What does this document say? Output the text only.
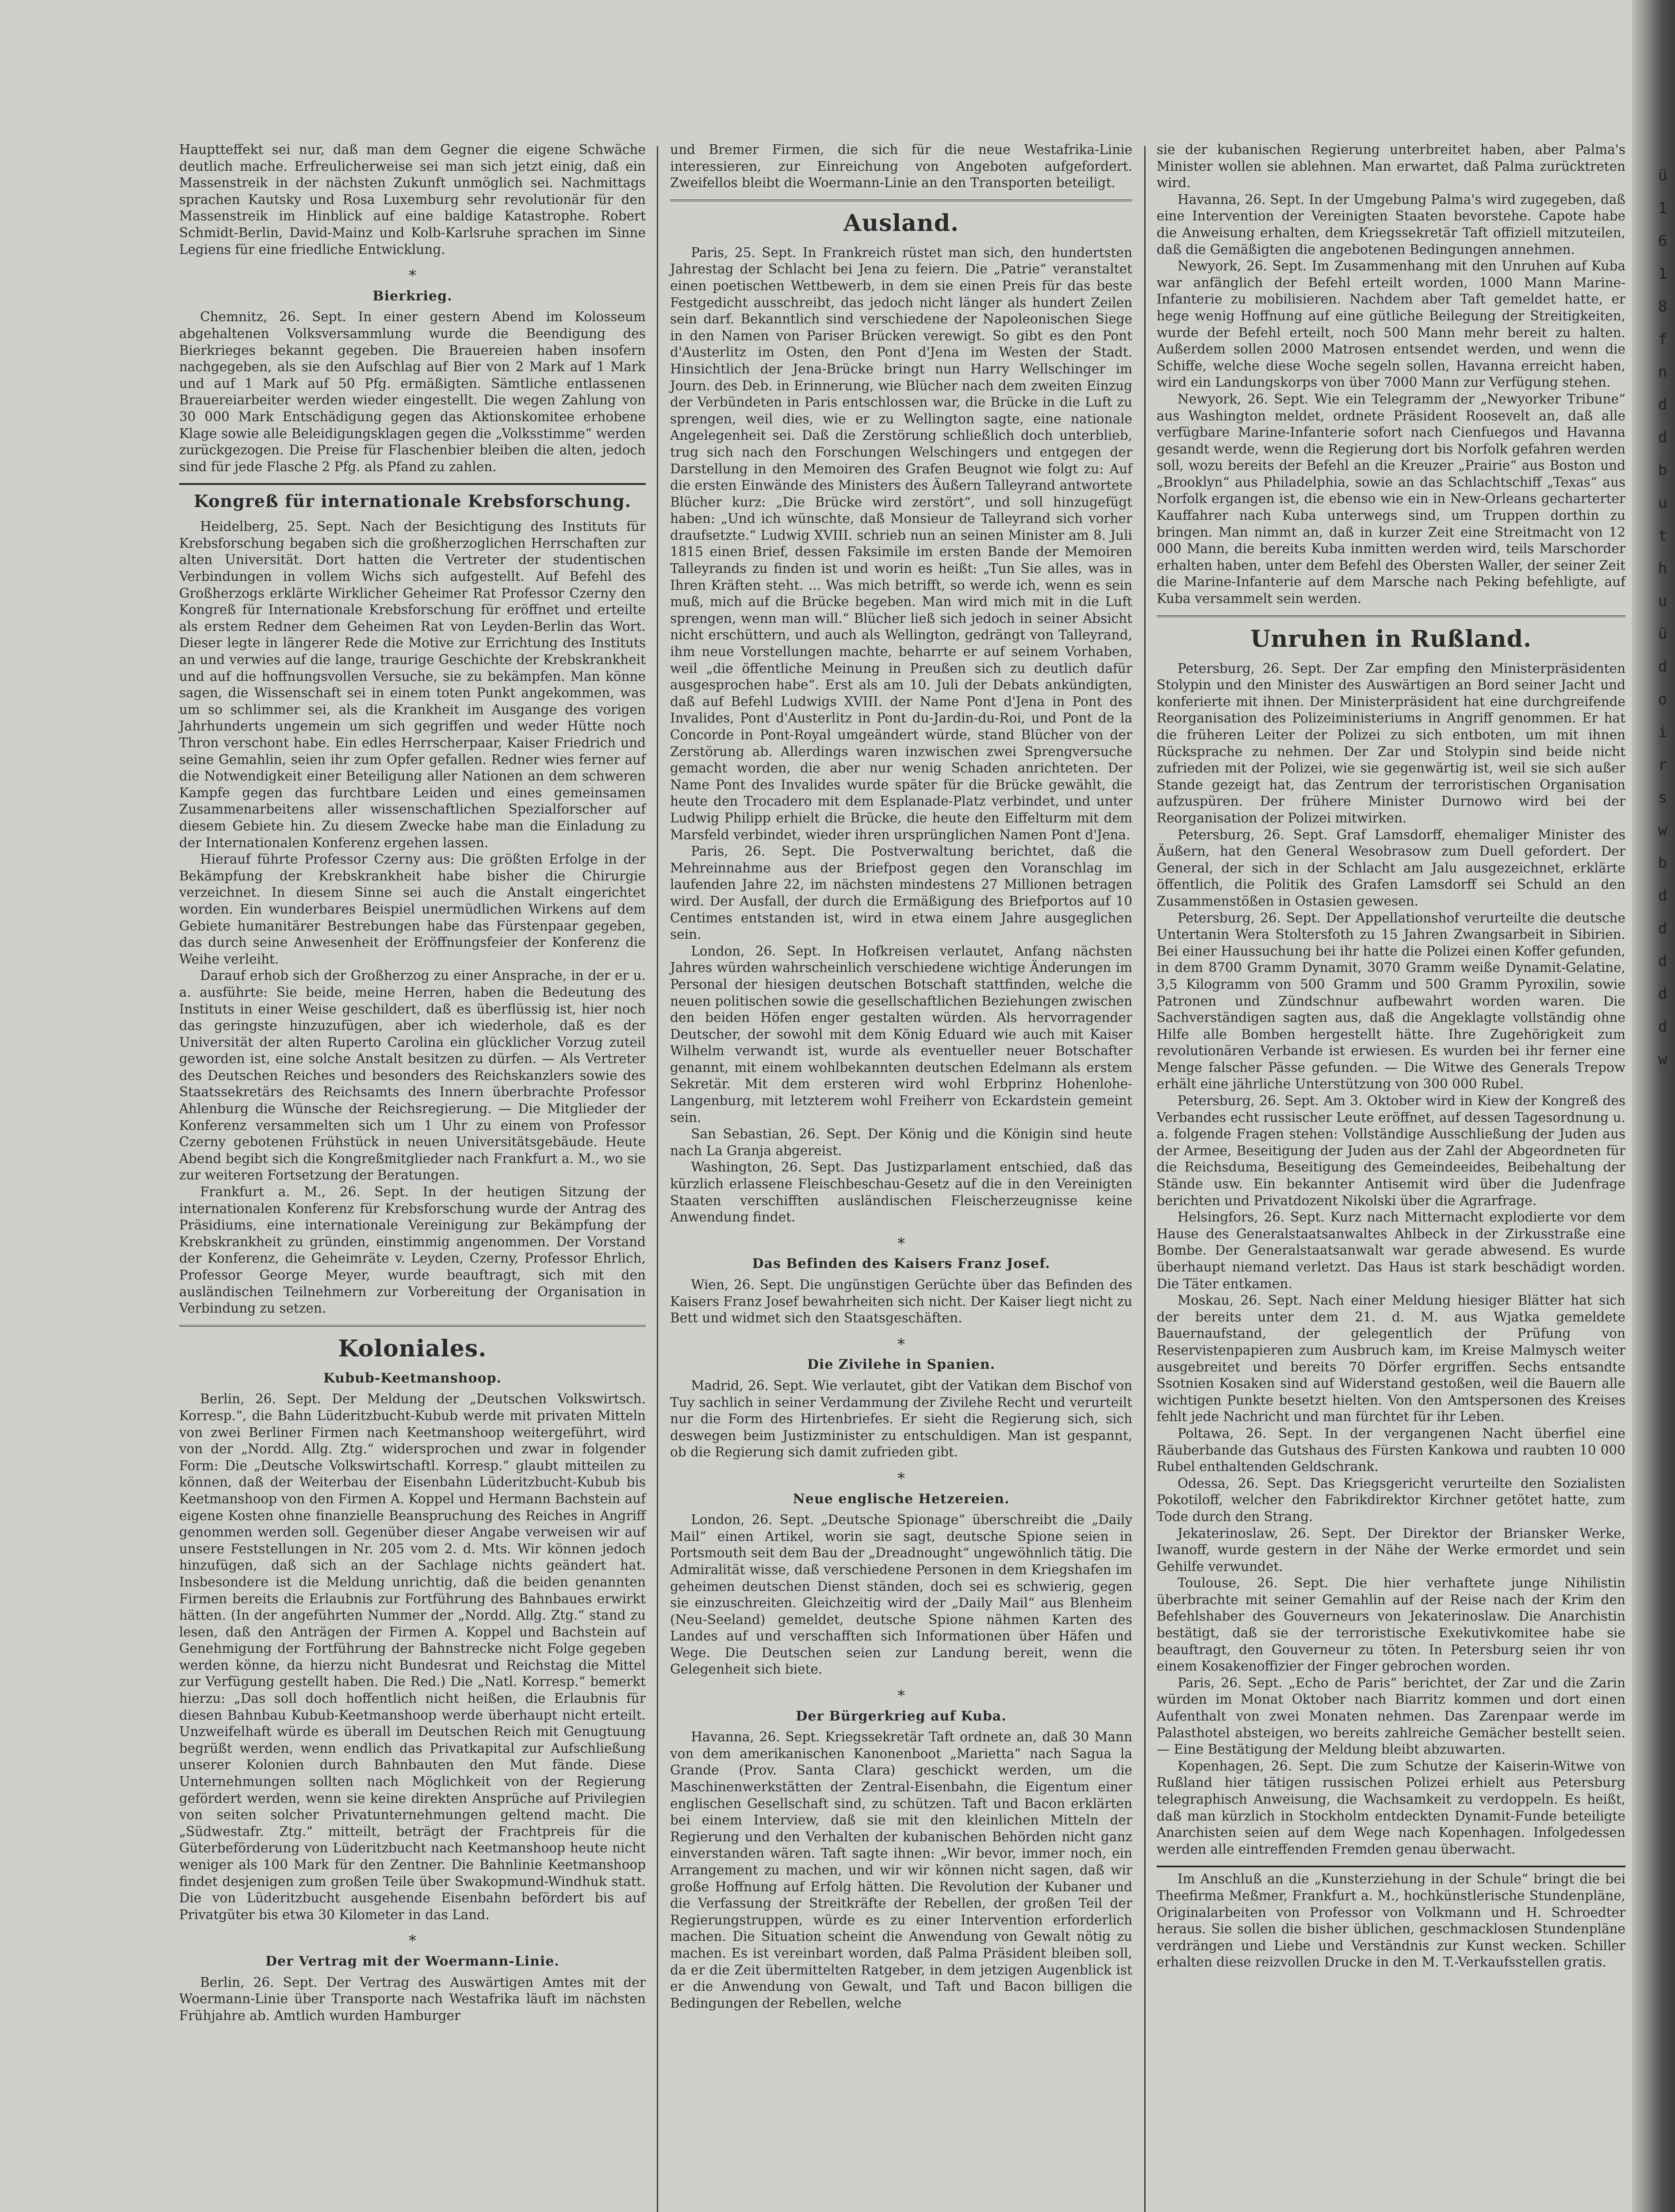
ü 1 6 1 8 f n d d b u t h u ü d o i r s w b d d d d d w

Hauptteffekt sei nur, daß man dem Gegner die eigene Schwäche deutlich mache. Erfreulicherweise sei man sich jetzt einig, daß ein Massenstreik in der nächsten Zukunft unmöglich sei. Nachmittags sprachen Kautsky und Rosa Luxemburg sehr revolutionär für den Massenstreik im Hinblick auf eine baldige Katastrophe. Robert Schmidt-Berlin, David-Mainz und Kolb-Karlsruhe sprachen im Sinne Legiens für eine friedliche Entwicklung.

*
Bierkrieg.

Chemnitz, 26. Sept. In einer gestern Abend im Kolosseum abgehaltenen Volksversammlung wurde die Beendigung des Bierkrieges bekannt gegeben. Die Brauereien haben insofern nachgegeben, als sie den Aufschlag auf Bier von 2 Mark auf 1 Mark und auf 1 Mark auf 50 Pfg. ermäßigten. Sämtliche entlassenen Brauereiarbeiter werden wieder eingestellt. Die wegen Zahlung von 30 000 Mark Entschädigung gegen das Aktionskomitee erhobene Klage sowie alle Beleidigungsklagen gegen die „Volksstimme“ werden zurückgezogen. Die Preise für Flaschenbier bleiben die alten, jedoch sind für jede Flasche 2 Pfg. als Pfand zu zahlen.

Kongreß für internationale Krebsforschung.

Heidelberg, 25. Sept. Nach der Besichtigung des Instituts für Krebsforschung begaben sich die großherzoglichen Herrschaften zur alten Universität. Dort hatten die Vertreter der studentischen Verbindungen in vollem Wichs sich aufgestellt. Auf Befehl des Großherzogs erklärte Wirklicher Geheimer Rat Professor Czerny den Kongreß für Internationale Krebsforschung für eröffnet und erteilte als erstem Redner dem Geheimen Rat von Leyden-Berlin das Wort. Dieser legte in längerer Rede die Motive zur Errichtung des Instituts an und verwies auf die lange, traurige Geschichte der Krebskrankheit und auf die hoffnungsvollen Versuche, sie zu bekämpfen. Man könne sagen, die Wissenschaft sei in einem toten Punkt angekommen, was um so schlimmer sei, als die Krankheit im Ausgange des vorigen Jahrhunderts ungemein um sich gegriffen und weder Hütte noch Thron verschont habe. Ein edles Herrscherpaar, Kaiser Friedrich und seine Gemahlin, seien ihr zum Opfer gefallen. Redner wies ferner auf die Notwendigkeit einer Beteiligung aller Nationen an dem schweren Kampfe gegen das furchtbare Leiden und eines gemeinsamen Zusammenarbeitens aller wissenschaftlichen Spezialforscher auf diesem Gebiete hin. Zu diesem Zwecke habe man die Einladung zu der Internationalen Konferenz ergehen lassen.

Hierauf führte Professor Czerny aus: Die größten Erfolge in der Bekämpfung der Krebskrankheit habe bisher die Chirurgie verzeichnet. In diesem Sinne sei auch die Anstalt eingerichtet worden. Ein wunderbares Beispiel unermüdlichen Wirkens auf dem Gebiete humanitärer Bestrebungen habe das Fürstenpaar gegeben, das durch seine Anwesenheit der Eröffnungsfeier der Konferenz die Weihe verleiht.

Darauf erhob sich der Großherzog zu einer Ansprache, in der er u. a. ausführte: Sie beide, meine Herren, haben die Bedeutung des Instituts in einer Weise geschildert, daß es überflüssig ist, hier noch das geringste hinzuzufügen, aber ich wiederhole, daß es der Universität der alten Ruperto Carolina ein glücklicher Vorzug zuteil geworden ist, eine solche Anstalt besitzen zu dürfen. — Als Vertreter des Deutschen Reiches und besonders des Reichskanzlers sowie des Staatssekretärs des Reichsamts des Innern überbrachte Professor Ahlenburg die Wünsche der Reichsregierung. — Die Mitglieder der Konferenz versammelten sich um 1 Uhr zu einem von Professor Czerny gebotenen Frühstück in neuen Universitätsgebäude. Heute Abend begibt sich die Kongreßmitglieder nach Frankfurt a. M., wo sie zur weiteren Fortsetzung der Beratungen.

Frankfurt a. M., 26. Sept. In der heutigen Sitzung der internationalen Konferenz für Krebsforschung wurde der Antrag des Präsidiums, eine internationale Vereinigung zur Bekämpfung der Krebskrankheit zu gründen, einstimmig angenommen. Der Vorstand der Konferenz, die Geheimräte v. Leyden, Czerny, Professor Ehrlich, Professor George Meyer, wurde beauftragt, sich mit den ausländischen Teilnehmern zur Vorbereitung der Organisation in Verbindung zu setzen.

Koloniales.
Kubub-Keetmanshoop.

Berlin, 26. Sept. Der Meldung der „Deutschen Volkswirtsch. Korresp.“, die Bahn Lüderitzbucht-Kubub werde mit privaten Mitteln von zwei Berliner Firmen nach Keetmanshoop weitergeführt, wird von der „Nordd. Allg. Ztg.“ widersprochen und zwar in folgender Form: Die „Deutsche Volkswirtschaftl. Korresp.“ glaubt mitteilen zu können, daß der Weiterbau der Eisenbahn Lüderitzbucht-Kubub bis Keetmanshoop von den Firmen A. Koppel und Hermann Bachstein auf eigene Kosten ohne finanzielle Beanspruchung des Reiches in Angriff genommen werden soll. Gegenüber dieser Angabe verweisen wir auf unsere Feststellungen in Nr. 205 vom 2. d. Mts. Wir können jedoch hinzufügen, daß sich an der Sachlage nichts geändert hat. Insbesondere ist die Meldung unrichtig, daß die beiden genannten Firmen bereits die Erlaubnis zur Fortführung des Bahnbaues erwirkt hätten. (In der angeführten Nummer der „Nordd. Allg. Ztg.“ stand zu lesen, daß den Anträgen der Firmen A. Koppel und Bachstein auf Genehmigung der Fortführung der Bahnstrecke nicht Folge gegeben werden könne, da hierzu nicht Bundesrat und Reichstag die Mittel zur Verfügung gestellt haben. Die Red.) Die „Natl. Korresp.“ bemerkt hierzu: „Das soll doch hoffentlich nicht heißen, die Erlaubnis für diesen Bahnbau Kubub-Keetmanshoop werde überhaupt nicht erteilt. Unzweifelhaft würde es überall im Deutschen Reich mit Genugtuung begrüßt werden, wenn endlich das Privatkapital zur Aufschließung unserer Kolonien durch Bahnbauten den Mut fände. Diese Unternehmungen sollten nach Möglichkeit von der Regierung gefördert werden, wenn sie keine direkten Ansprüche auf Privilegien von seiten solcher Privatunternehmungen geltend macht. Die „Südwestafr. Ztg.“ mitteilt, beträgt der Frachtpreis für die Güterbeförderung von Lüderitzbucht nach Keetmanshoop heute nicht weniger als 100 Mark für den Zentner. Die Bahnlinie Keetmanshoop findet desjenigen zum großen Teile über Swakopmund-Windhuk statt. Die von Lüderitzbucht ausgehende Eisenbahn befördert bis auf Privatgüter bis etwa 30 Kilometer in das Land.

*
Der Vertrag mit der Woermann-Linie.

Berlin, 26. Sept. Der Vertrag des Auswärtigen Amtes mit der Woermann-Linie über Transporte nach Westafrika läuft im nächsten Frühjahre ab. Amtlich wurden Hamburger

und Bremer Firmen, die sich für die neue Westafrika-Linie interessieren, zur Einreichung von Angeboten aufgefordert. Zweifellos bleibt die Woermann-Linie an den Transporten beteiligt.

Ausland.

Paris, 25. Sept. In Frankreich rüstet man sich, den hundertsten Jahrestag der Schlacht bei Jena zu feiern. Die „Patrie“ veranstaltet einen poetischen Wettbewerb, in dem sie einen Preis für das beste Festgedicht ausschreibt, das jedoch nicht länger als hundert Zeilen sein darf. Bekanntlich sind verschiedene der Napoleonischen Siege in den Namen von Pariser Brücken verewigt. So gibt es den Pont d'Austerlitz im Osten, den Pont d'Jena im Westen der Stadt. Hinsichtlich der Jena-Brücke bringt nun Harry Wellschinger im Journ. des Deb. in Erinnerung, wie Blücher nach dem zweiten Einzug der Verbündeten in Paris entschlossen war, die Brücke in die Luft zu sprengen, weil dies, wie er zu Wellington sagte, eine nationale Angelegenheit sei. Daß die Zerstörung schließlich doch unterblieb, trug sich nach den Forschungen Welschingers und entgegen der Darstellung in den Memoiren des Grafen Beugnot wie folgt zu: Auf die ersten Einwände des Ministers des Äußern Talleyrand antwortete Blücher kurz: „Die Brücke wird zerstört“, und soll hinzugefügt haben: „Und ich wünschte, daß Monsieur de Talleyrand sich vorher draufsetzte.“ Ludwig XVIII. schrieb nun an seinen Minister am 8. Juli 1815 einen Brief, dessen Faksimile im ersten Bande der Memoiren Talleyrands zu finden ist und worin es heißt: „Tun Sie alles, was in Ihren Kräften steht. ... Was mich betrifft, so werde ich, wenn es sein muß, mich auf die Brücke begeben. Man wird mich mit in die Luft sprengen, wenn man will.“ Blücher ließ sich jedoch in seiner Absicht nicht erschüttern, und auch als Wellington, gedrängt von Talleyrand, ihm neue Vorstellungen machte, beharrte er auf seinem Vorhaben, weil „die öffentliche Meinung in Preußen sich zu deutlich dafür ausgesprochen habe“. Erst als am 10. Juli der Debats ankündigten, daß auf Befehl Ludwigs XVIII. der Name Pont d'Jena in Pont des Invalides, Pont d'Austerlitz in Pont du-Jardin-du-Roi, und Pont de la Concorde in Pont-Royal umgeändert würde, stand Blücher von der Zerstörung ab. Allerdings waren inzwischen zwei Sprengversuche gemacht worden, die aber nur wenig Schaden anrichteten. Der Name Pont des Invalides wurde später für die Brücke gewählt, die heute den Trocadero mit dem Esplanade-Platz verbindet, und unter Ludwig Philipp erhielt die Brücke, die heute den Eiffelturm mit dem Marsfeld verbindet, wieder ihren ursprünglichen Namen Pont d'Jena.

Paris, 26. Sept. Die Postverwaltung berichtet, daß die Mehreinnahme aus der Briefpost gegen den Voranschlag im laufenden Jahre 22, im nächsten mindestens 27 Millionen betragen wird. Der Ausfall, der durch die Ermäßigung des Briefportos auf 10 Centimes entstanden ist, wird in etwa einem Jahre ausgeglichen sein.

London, 26. Sept. In Hofkreisen verlautet, Anfang nächsten Jahres würden wahrscheinlich verschiedene wichtige Änderungen im Personal der hiesigen deutschen Botschaft stattfinden, welche die neuen politischen sowie die gesellschaftlichen Beziehungen zwischen den beiden Höfen enger gestalten würden. Als hervorragender Deutscher, der sowohl mit dem König Eduard wie auch mit Kaiser Wilhelm verwandt ist, wurde als eventueller neuer Botschafter genannt, mit einem wohlbekannten deutschen Edelmann als erstem Sekretär. Mit dem ersteren wird wohl Erbprinz Hohenlohe-Langenburg, mit letzterem wohl Freiherr von Eckardstein gemeint sein.

San Sebastian, 26. Sept. Der König und die Königin sind heute nach La Granja abgereist.

Washington, 26. Sept. Das Justizparlament entschied, daß das kürzlich erlassene Fleischbeschau-Gesetz auf die in den Vereinigten Staaten verschifften ausländischen Fleischerzeugnisse keine Anwendung findet.

*
Das Befinden des Kaisers Franz Josef.

Wien, 26. Sept. Die ungünstigen Gerüchte über das Befinden des Kaisers Franz Josef bewahrheiten sich nicht. Der Kaiser liegt nicht zu Bett und widmet sich den Staatsgeschäften.

*
Die Zivilehe in Spanien.

Madrid, 26. Sept. Wie verlautet, gibt der Vatikan dem Bischof von Tuy sachlich in seiner Verdammung der Zivilehe Recht und verurteilt nur die Form des Hirtenbriefes. Er sieht die Regierung sich, sich deswegen beim Justizminister zu entschuldigen. Man ist gespannt, ob die Regierung sich damit zufrieden gibt.

*
Neue englische Hetzereien.

London, 26. Sept. „Deutsche Spionage“ überschreibt die „Daily Mail“ einen Artikel, worin sie sagt, deutsche Spione seien in Portsmouth seit dem Bau der „Dreadnought“ ungewöhnlich tätig. Die Admiralität wisse, daß verschiedene Personen in dem Kriegshafen im geheimen deutschen Dienst ständen, doch sei es schwierig, gegen sie einzuschreiten. Gleichzeitig wird der „Daily Mail“ aus Blenheim (Neu-Seeland) gemeldet, deutsche Spione nähmen Karten des Landes auf und verschafften sich Informationen über Häfen und Wege. Die Deutschen seien zur Landung bereit, wenn die Gelegenheit sich biete.

*
Der Bürgerkrieg auf Kuba.

Havanna, 26. Sept. Kriegssekretär Taft ordnete an, daß 30 Mann von dem amerikanischen Kanonenboot „Marietta“ nach Sagua la Grande (Prov. Santa Clara) geschickt werden, um die Maschinenwerkstätten der Zentral-Eisenbahn, die Eigentum einer englischen Gesellschaft sind, zu schützen. Taft und Bacon erklärten bei einem Interview, daß sie mit den kleinlichen Mitteln der Regierung und den Verhalten der kubanischen Behörden nicht ganz einverstanden wären. Taft sagte ihnen: „Wir bevor, immer noch, ein Arrangement zu machen, und wir wir können nicht sagen, daß wir große Hoffnung auf Erfolg hätten. Die Revolution der Kubaner und die Verfassung der Streitkräfte der Rebellen, der großen Teil der Regierungstruppen, würde es zu einer Intervention erforderlich machen. Die Situation scheint die Anwendung von Gewalt nötig zu machen. Es ist vereinbart worden, daß Palma Präsident bleiben soll, da er die Zeit übermittelten Ratgeber, in dem jetzigen Augenblick ist er die Anwendung von Gewalt, und Taft und Bacon billigen die Bedingungen der Rebellen, welche

sie der kubanischen Regierung unterbreitet haben, aber Palma's Minister wollen sie ablehnen. Man erwartet, daß Palma zurücktreten wird.

Havanna, 26. Sept. In der Umgebung Palma's wird zugegeben, daß eine Intervention der Vereinigten Staaten bevorstehe. Capote habe die Anweisung erhalten, dem Kriegssekretär Taft offiziell mitzuteilen, daß die Gemäßigten die angebotenen Bedingungen annehmen.

Newyork, 26. Sept. Im Zusammenhang mit den Unruhen auf Kuba war anfänglich der Befehl erteilt worden, 1000 Mann Marine-Infanterie zu mobilisieren. Nachdem aber Taft gemeldet hatte, er hege wenig Hoffnung auf eine gütliche Beilegung der Streitigkeiten, wurde der Befehl erteilt, noch 500 Mann mehr bereit zu halten. Außerdem sollen 2000 Matrosen entsendet werden, und wenn die Schiffe, welche diese Woche segeln sollen, Havanna erreicht haben, wird ein Landungskorps von über 7000 Mann zur Verfügung stehen.

Newyork, 26. Sept. Wie ein Telegramm der „Newyorker Tribune“ aus Washington meldet, ordnete Präsident Roosevelt an, daß alle verfügbare Marine-Infanterie sofort nach Cienfuegos und Havanna gesandt werde, wenn die Regierung dort bis Norfolk gefahren werden soll, wozu bereits der Befehl an die Kreuzer „Prairie“ aus Boston und „Brooklyn“ aus Philadelphia, sowie an das Schlachtschiff „Texas“ aus Norfolk ergangen ist, die ebenso wie ein in New-Orleans gecharterter Kauffahrer nach Kuba unterwegs sind, um Truppen dorthin zu bringen. Man nimmt an, daß in kurzer Zeit eine Streitmacht von 12 000 Mann, die bereits Kuba inmitten werden wird, teils Marschorder erhalten haben, unter dem Befehl des Obersten Waller, der seiner Zeit die Marine-Infanterie auf dem Marsche nach Peking befehligte, auf Kuba versammelt sein werden.

Unruhen in Rußland.

Petersburg, 26. Sept. Der Zar empfing den Ministerpräsidenten Stolypin und den Minister des Auswärtigen an Bord seiner Jacht und konferierte mit ihnen. Der Ministerpräsident hat eine durchgreifende Reorganisation des Polizeiministeriums in Angriff genommen. Er hat die früheren Leiter der Polizei zu sich entboten, um mit ihnen Rücksprache zu nehmen. Der Zar und Stolypin sind beide nicht zufrieden mit der Polizei, wie sie gegenwärtig ist, weil sie sich außer Stande gezeigt hat, das Zentrum der terroristischen Organisation aufzuspüren. Der frühere Minister Durnowo wird bei der Reorganisation der Polizei mitwirken.

Petersburg, 26. Sept. Graf Lamsdorff, ehemaliger Minister des Äußern, hat den General Wesobrasow zum Duell gefordert. Der General, der sich in der Schlacht am Jalu ausgezeichnet, erklärte öffentlich, die Politik des Grafen Lamsdorff sei Schuld an den Zusammenstößen in Ostasien gewesen.

Petersburg, 26. Sept. Der Appellationshof verurteilte die deutsche Untertanin Wera Stoltersfoth zu 15 Jahren Zwangsarbeit in Sibirien. Bei einer Haussuchung bei ihr hatte die Polizei einen Koffer gefunden, in dem 8700 Gramm Dynamit, 3070 Gramm weiße Dynamit-Gelatine, 3,5 Kilogramm von 500 Gramm und 500 Gramm Pyroxilin, sowie Patronen und Zündschnur aufbewahrt worden waren. Die Sachverständigen sagten aus, daß die Angeklagte vollständig ohne Hilfe alle Bomben hergestellt hätte. Ihre Zugehörigkeit zum revolutionären Verbande ist erwiesen. Es wurden bei ihr ferner eine Menge falscher Pässe gefunden. — Die Witwe des Generals Trepow erhält eine jährliche Unterstützung von 300 000 Rubel.

Petersburg, 26. Sept. Am 3. Oktober wird in Kiew der Kongreß des Verbandes echt russischer Leute eröffnet, auf dessen Tagesordnung u. a. folgende Fragen stehen: Vollständige Ausschließung der Juden aus der Armee, Beseitigung der Juden aus der Zahl der Abgeordneten für die Reichsduma, Beseitigung des Gemeindeeides, Beibehaltung der Stände usw. Ein bekannter Antisemit wird über die Judenfrage berichten und Privatdozent Nikolski über die Agrarfrage.

Helsingfors, 26. Sept. Kurz nach Mitternacht explodierte vor dem Hause des Generalstaatsanwaltes Ahlbeck in der Zirkusstraße eine Bombe. Der Generalstaatsanwalt war gerade abwesend. Es wurde überhaupt niemand verletzt. Das Haus ist stark beschädigt worden. Die Täter entkamen.

Moskau, 26. Sept. Nach einer Meldung hiesiger Blätter hat sich der bereits unter dem 21. d. M. aus Wjatka gemeldete Bauernaufstand, der gelegentlich der Prüfung von Reservistenpapieren zum Ausbruch kam, im Kreise Malmysch weiter ausgebreitet und bereits 70 Dörfer ergriffen. Sechs entsandte Ssotnien Kosaken sind auf Widerstand gestoßen, weil die Bauern alle wichtigen Punkte besetzt hielten. Von den Amtspersonen des Kreises fehlt jede Nachricht und man fürchtet für ihr Leben.

Poltawa, 26. Sept. In der vergangenen Nacht überfiel eine Räuberbande das Gutshaus des Fürsten Kankowa und raubten 10 000 Rubel enthaltenden Geldschrank.

Odessa, 26. Sept. Das Kriegsgericht verurteilte den Sozialisten Pokotiloff, welcher den Fabrikdirektor Kirchner getötet hatte, zum Tode durch den Strang.

Jekaterinoslaw, 26. Sept. Der Direktor der Briansker Werke, Iwanoff, wurde gestern in der Nähe der Werke ermordet und sein Gehilfe verwundet.

Toulouse, 26. Sept. Die hier verhaftete junge Nihilistin überbrachte mit seiner Gemahlin auf der Reise nach der Krim den Befehlshaber des Gouverneurs von Jekaterinoslaw. Die Anarchistin bestätigt, daß sie der terroristische Exekutivkomitee habe sie beauftragt, den Gouverneur zu töten. In Petersburg seien ihr von einem Kosakenoffizier der Finger gebrochen worden.

Paris, 26. Sept. „Echo de Paris“ berichtet, der Zar und die Zarin würden im Monat Oktober nach Biarritz kommen und dort einen Aufenthalt von zwei Monaten nehmen. Das Zarenpaar werde im Palasthotel absteigen, wo bereits zahlreiche Gemächer bestellt seien. — Eine Bestätigung der Meldung bleibt abzuwarten.

Kopenhagen, 26. Sept. Die zum Schutze der Kaiserin-Witwe von Rußland hier tätigen russischen Polizei erhielt aus Petersburg telegraphisch Anweisung, die Wachsamkeit zu verdoppeln. Es heißt, daß man kürzlich in Stockholm entdeckten Dynamit-Funde beteiligte Anarchisten seien auf dem Wege nach Kopenhagen. Infolgedessen werden alle eintreffenden Fremden genau überwacht.

Im Anschluß an die „Kunsterziehung in der Schule“ bringt die bei Theefirma Meßmer, Frankfurt a. M., hochkünstlerische Stundenpläne, Originalarbeiten von Professor von Volkmann und H. Schroedter heraus. Sie sollen die bisher üblichen, geschmacklosen Stundenpläne verdrängen und Liebe und Verständnis zur Kunst wecken. Schiller erhalten diese reizvollen Drucke in den M. T.-Verkaufsstellen gratis.
